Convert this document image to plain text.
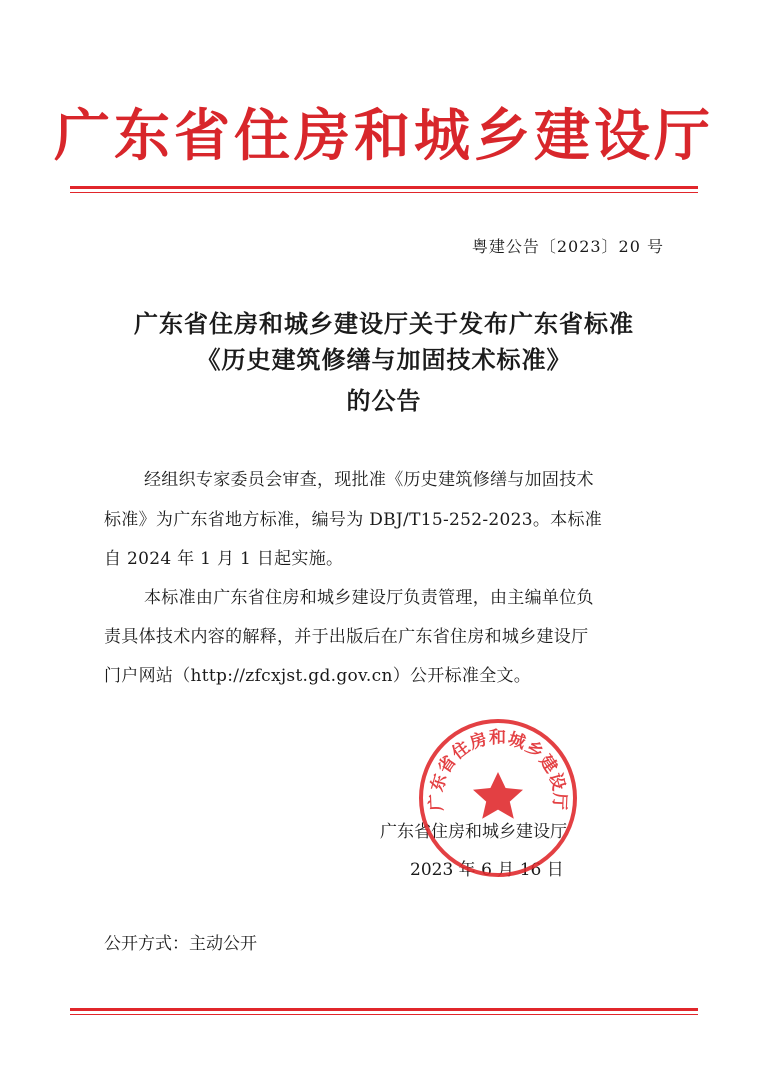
广东省住房和城乡建设厅
粤建公告〔2023〕20 号
广东省住房和城乡建设厅关于发布广东省标准
《历史建筑修缮与加固技术标准》
的公告
经组织专家委员会审查，现批准《历史建筑修缮与加固技术
标准》为广东省地方标准，编号为 DBJ/T15-252-2023。本标准
自 2024 年 1 月 1 日起实施。
本标准由广东省住房和城乡建设厅负责管理，由主编单位负
责具体技术内容的解释，并于出版后在广东省住房和城乡建设厅
门户网站（http://zfcxjst.gd.gov.cn）公开标准全文。
广东省住房和城乡建设厅
2023 年 6 月 16 日
广东省住房和城乡建设厅
公开方式：主动公开
